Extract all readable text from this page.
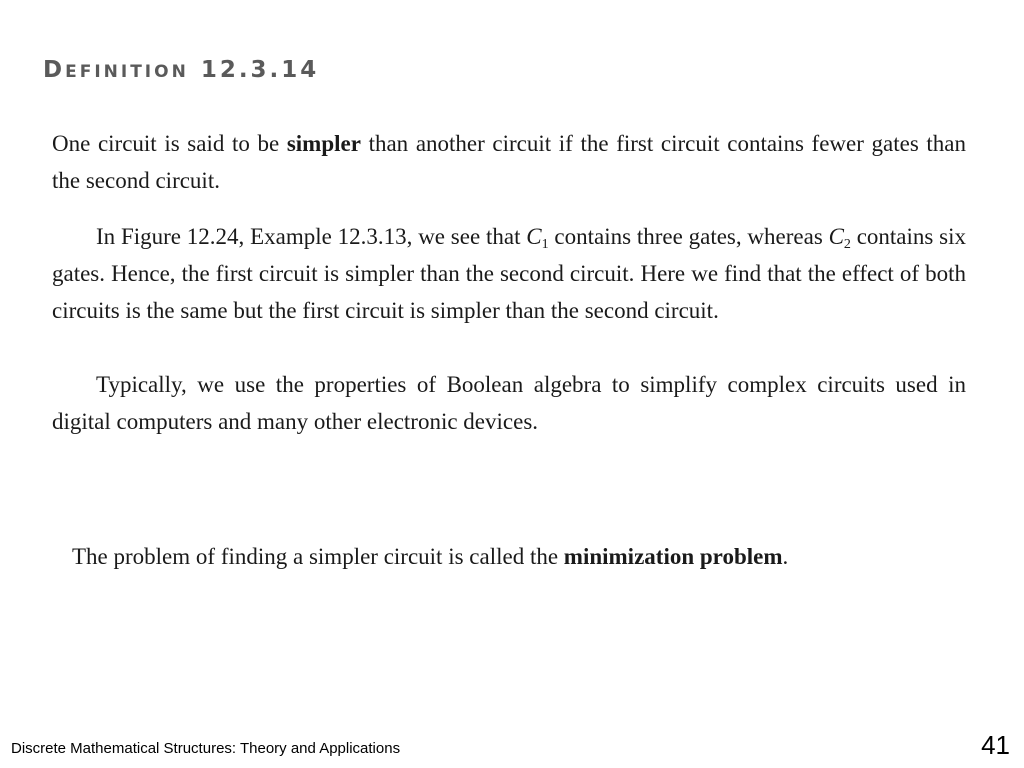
DEFINITION 12.3.14

One circuit is said to be simpler than another circuit if the first circuit contains fewer gates than the second circuit.

In Figure 12.24, Example 12.3.13, we see that $C_1$ contains three gates, whereas $C_2$ contains six gates. Hence, the first circuit is simpler than the second circuit. Here we find that the effect of both circuits is the same but the first circuit is simpler than the second circuit.

Typically, we use the properties of Boolean algebra to simplify complex circuits used in digital computers and many other electronic devices.

The problem of finding a simpler circuit is called the minimization problem.

Discrete Mathematical Structures: Theory and Applications	41
